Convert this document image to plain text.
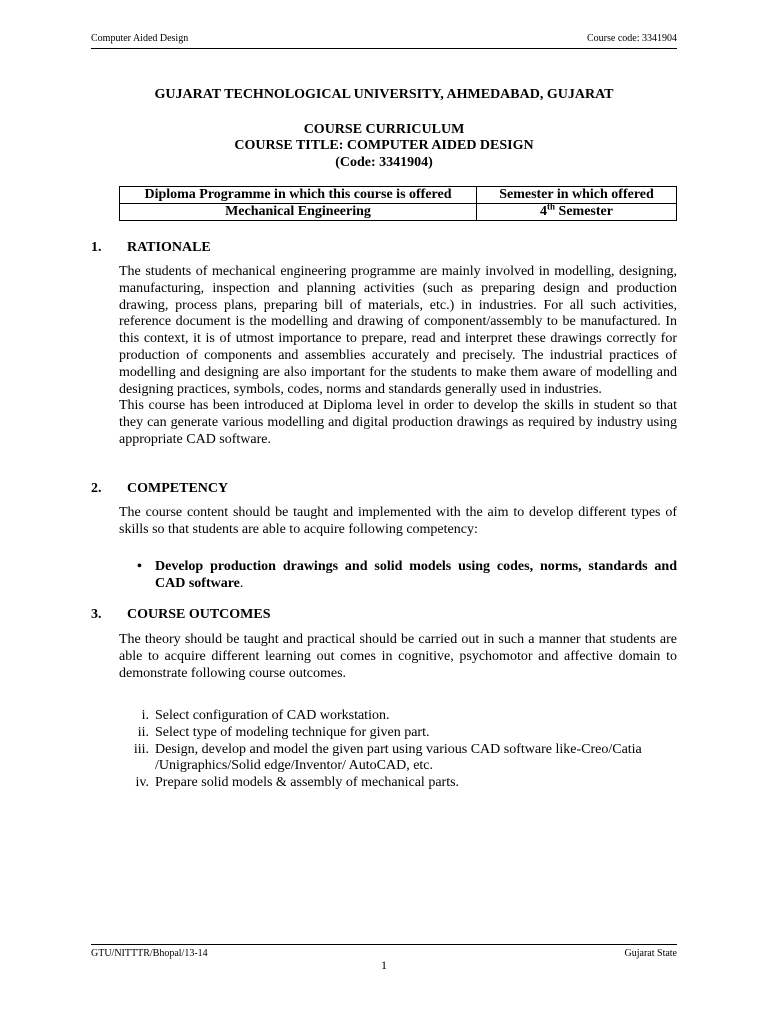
Computer Aided Design	Course code: 3341904
GUJARAT TECHNOLOGICAL UNIVERSITY, AHMEDABAD, GUJARAT
COURSE CURRICULUM
COURSE TITLE: COMPUTER AIDED DESIGN
(Code: 3341904)
Diploma Programme in which this course is offered	Semester in which offered
Mechanical Engineering	4th Semester
1. RATIONALE

The students of mechanical engineering programme are mainly involved in modelling, designing, manufacturing, inspection and planning activities (such as preparing design and production drawing, process plans, preparing bill of materials, etc.) in industries. For all such activities, reference document is the modelling and drawing of component/assembly to be manufactured. In this context, it is of utmost importance to prepare, read and interpret these drawings correctly for production of components and assemblies accurately and precisely. The industrial practices of modelling and designing are also important for the students to make them aware of modelling and designing practices, symbols, codes, norms and standards generally used in industries.

This course has been introduced at Diploma level in order to develop the skills in student so that they can generate various modelling and digital production drawings as required by industry using appropriate CAD software.

2. COMPETENCY
The course content should be taught and implemented with the aim to develop different types of skills so that students are able to acquire following competency:
• Develop production drawings and solid models using codes, norms, standards and CAD software.
3. COURSE OUTCOMES
The theory should be taught and practical should be carried out in such a manner that students are able to acquire different learning out comes in cognitive, psychomotor and affective domain to demonstrate following course outcomes.
i. Select configuration of CAD workstation.
ii. Select type of modeling technique for given part.
iii. Design, develop and model the given part using various CAD software like-Creo/Catia /Unigraphics/Solid edge/Inventor/ AutoCAD, etc.
iv. Prepare solid models & assembly of mechanical parts.
GTU/NITTTR/Bhopal/13-14	Gujarat State
1
